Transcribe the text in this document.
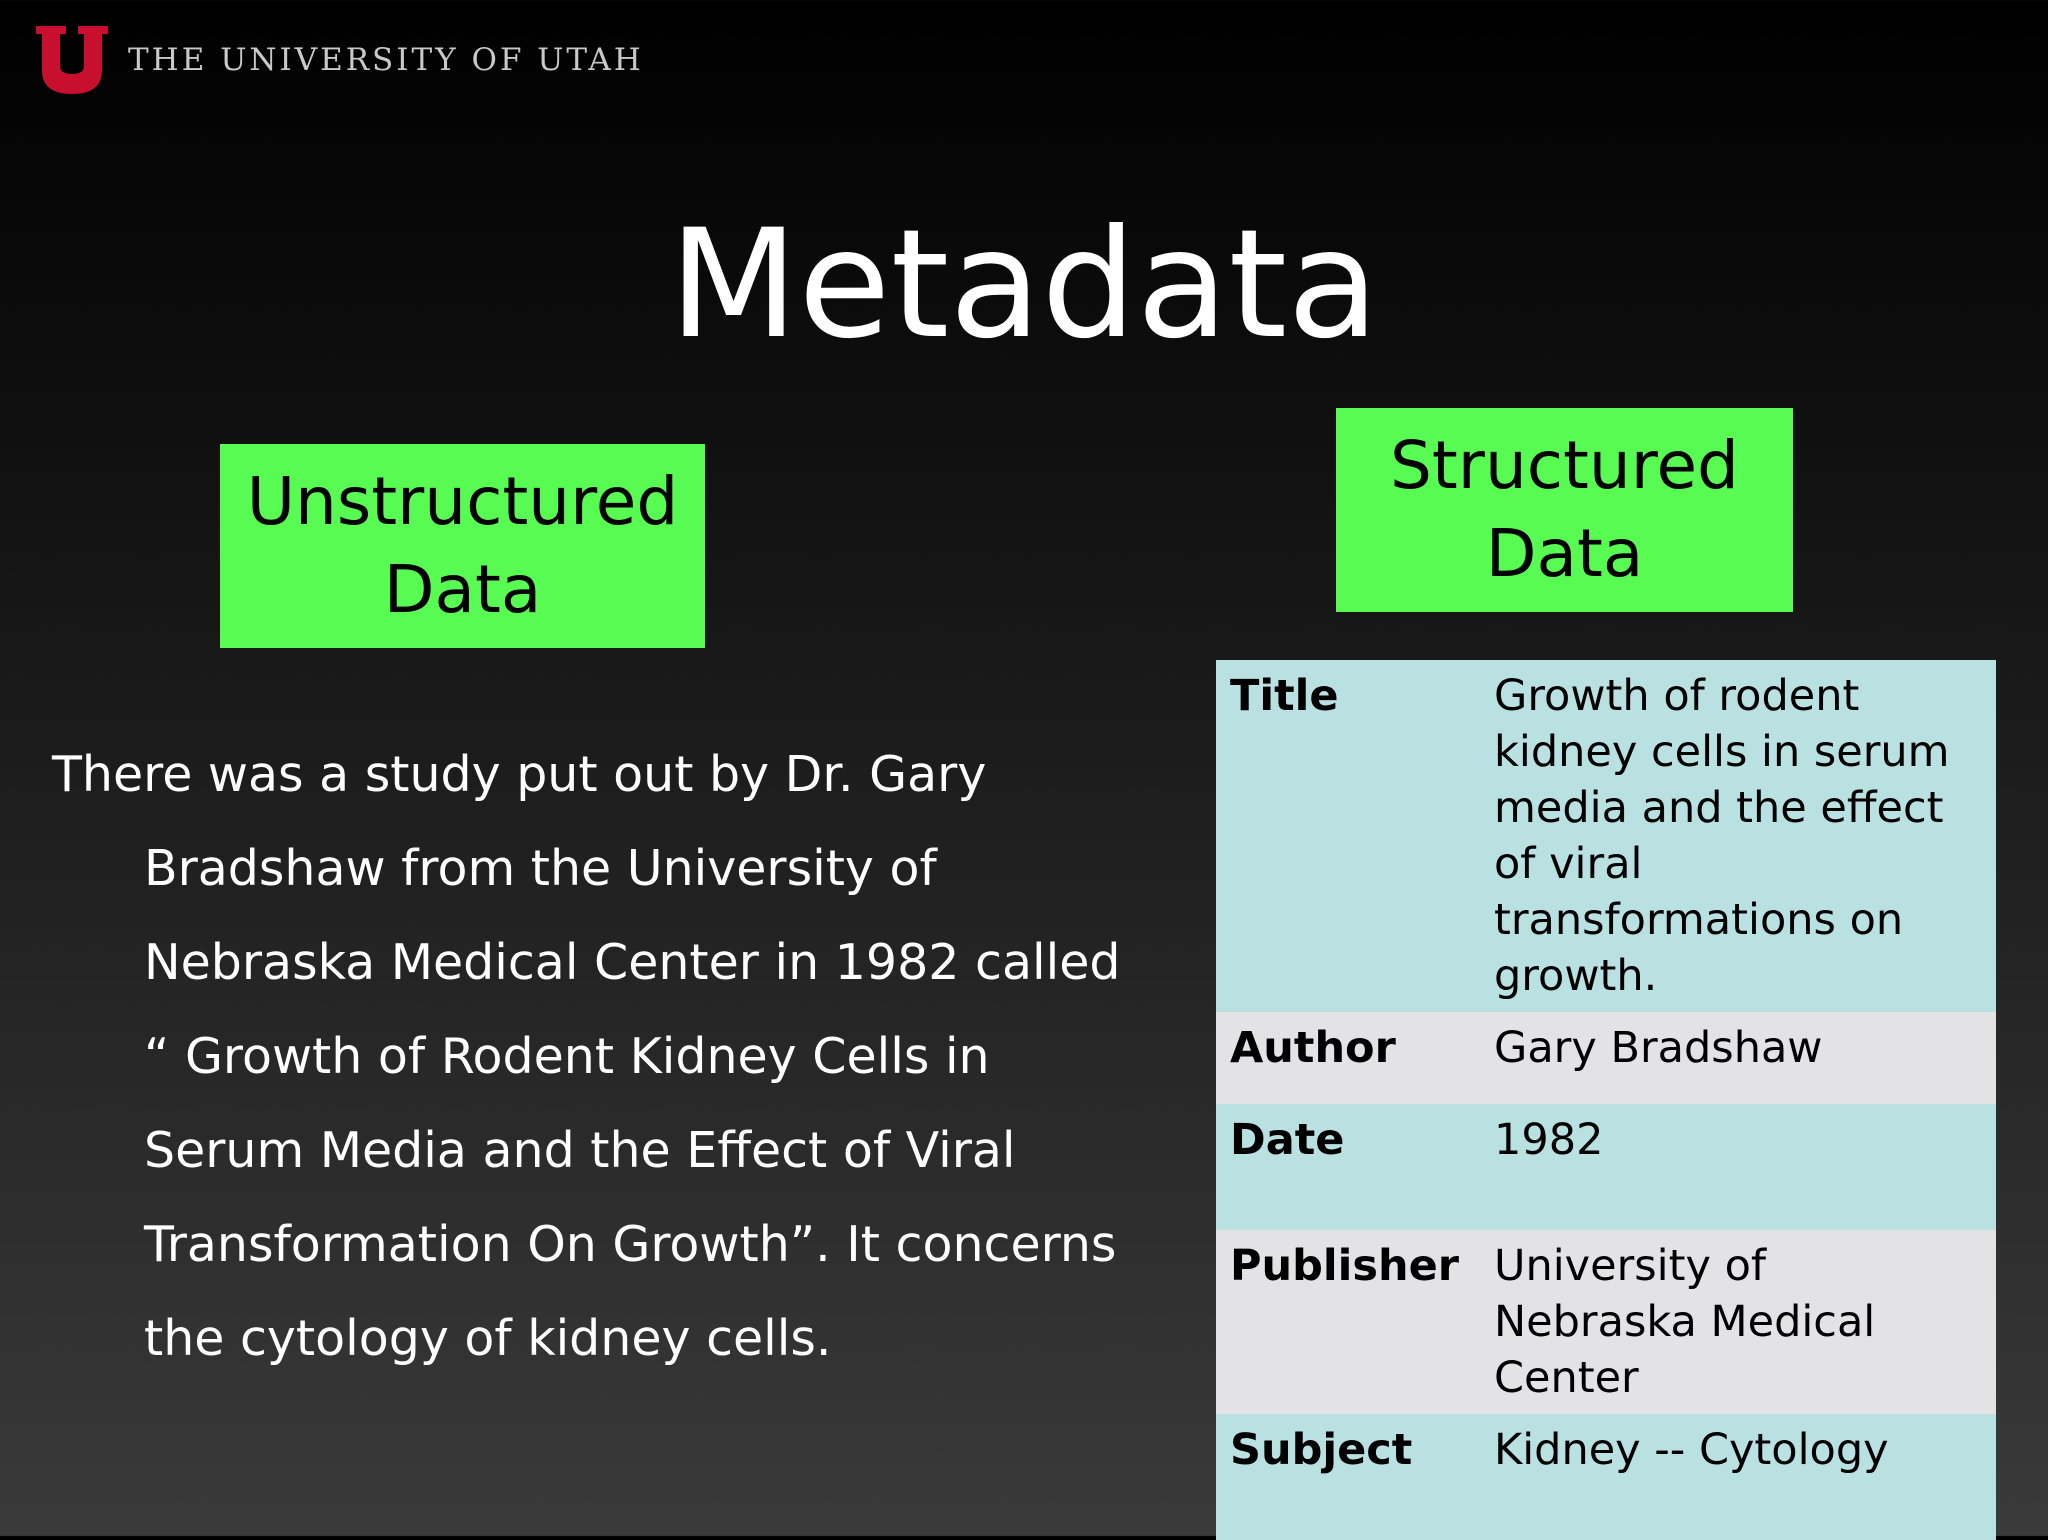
THE UNIVERSITY OF UTAH
Metadata
Unstructured
Data
Structured
Data

There was a study put out by Dr. Gary Bradshaw from the University of Nebraska Medical Center in 1982 called “ Growth of Rodent Kidney Cells in Serum Media and the Effect of Viral Transformation On Growth”. It concerns the cytology of kidney cells.

Title	Growth of rodent kidney cells in serum media and the effect of viral transformations on growth.
Author	Gary Bradshaw
Date	1982
Publisher	University of Nebraska Medical Center
Subject	Kidney -- Cytology
